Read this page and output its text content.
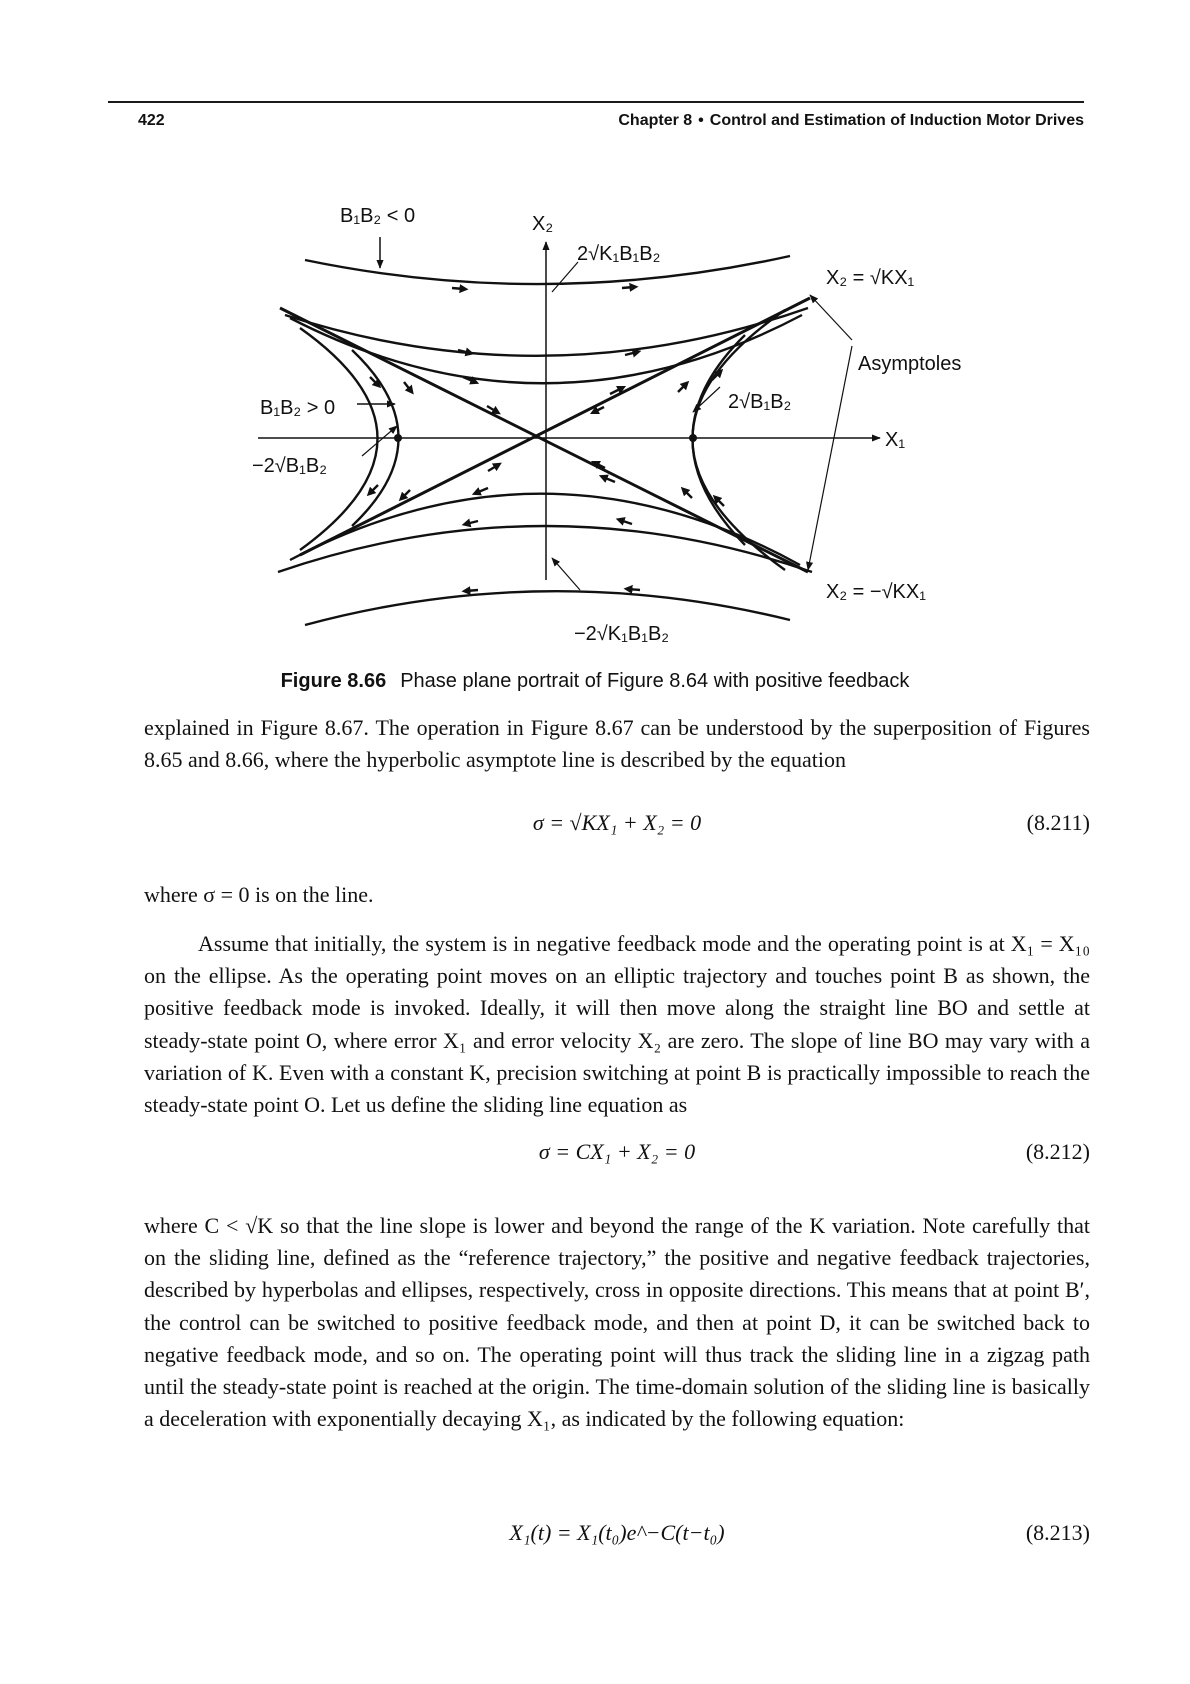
422	Chapter 8 • Control and Estimation of Induction Motor Drives
B₁B₂ < 0	X₂
2√K₁B₁B₂
X₂ = √KX₁
Asymptoles
B₁B₂ > 0	2√B₁B₂
X₁
−2√B₁B₂
X₂ = −√KX₁
−2√K₁B₁B₂
Figure 8.66 Phase plane portrait of Figure 8.64 with positive feedback

explained in Figure 8.67. The operation in Figure 8.67 can be understood by the superposition of Figures 8.65 and 8.66, where the hyperbolic asymptote line is described by the equation

σ = √KX₁ + X₂ = 0	(8.211)

where σ = 0 is on the line.

Assume that initially, the system is in negative feedback mode and the operating point is at X₁ = X₁₀ on the ellipse. As the operating point moves on an elliptic trajectory and touches point B as shown, the positive feedback mode is invoked. Ideally, it will then move along the straight line BO and settle at steady-state point O, where error X₁ and error velocity X₂ are zero. The slope of line BO may vary with a variation of K. Even with a constant K, precision switching at point B is practically impossible to reach the steady-state point O. Let us define the sliding line equation as

σ = CX₁ + X₂ = 0	(8.212)

where C < √K so that the line slope is lower and beyond the range of the K variation. Note carefully that on the sliding line, defined as the “reference trajectory,” the positive and negative feedback trajectories, described by hyperbolas and ellipses, respectively, cross in opposite directions. This means that at point B′, the control can be switched to positive feedback mode, and then at point D, it can be switched back to negative feedback mode, and so on. The operating point will thus track the sliding line in a zigzag path until the steady-state point is reached at the origin. The time-domain solution of the sliding line is basically a deceleration with exponentially decaying X₁, as indicated by the following equation:

X₁(t) = X₁(t₀)e^−C(t−t₀)	(8.213)
